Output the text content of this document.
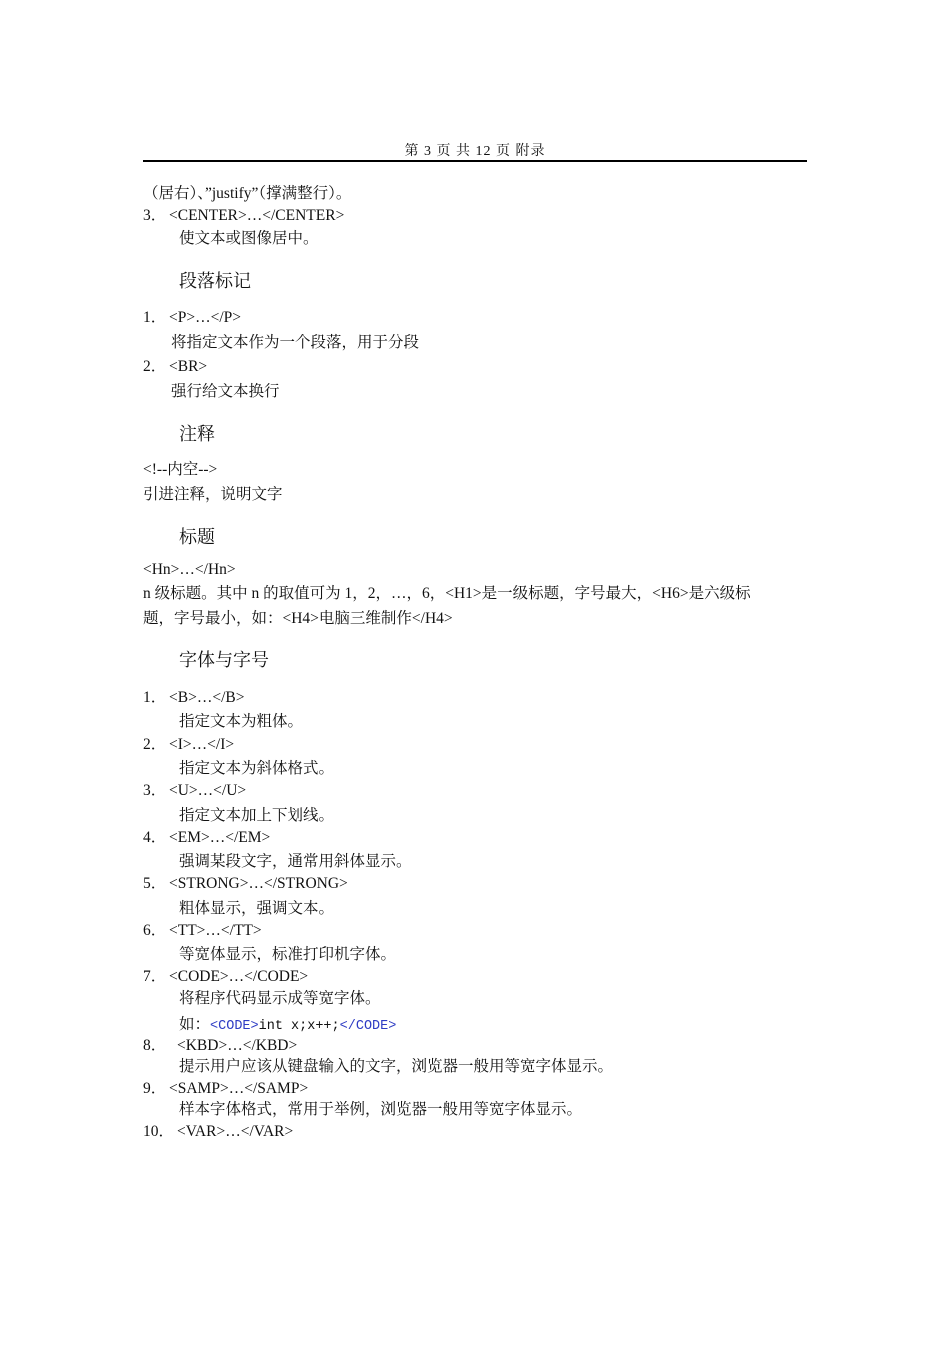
第 3 页 共 12 页 附录
（居右）、”justify”（撑满整行）。
3． <CENTER>…</CENTER>
使文本或图像居中。
段落标记
1． <P>…</P>
将指定文本作为一个段落，用于分段
2． <BR>
强行给文本换行
注释
<!--内空-->
引进注释，说明文字
标题
<Hn>…</Hn>
n 级标题。其中 n 的取值可为 1，2，…，6，<H1>是一级标题，字号最大，<H6>是六级标
题，字号最小，如：<H4>电脑三维制作</H4>
字体与字号
1． <B>…</B>
指定文本为粗体。
2． <I>…</I>
指定文本为斜体格式。
3． <U>…</U>
指定文本加上下划线。
4． <EM>…</EM>
强调某段文字，通常用斜体显示。
5． <STRONG>…</STRONG>
粗体显示，强调文本。
6． <TT>…</TT>
等宽体显示，标准打印机字体。
7． <CODE>…</CODE>
将程序代码显示成等宽字体。
如：<CODE>int x;x++;</CODE>
8． <KBD>…</KBD>
提示用户应该从键盘输入的文字，浏览器一般用等宽字体显示。
9． <SAMP>…</SAMP>
样本字体格式，常用于举例，浏览器一般用等宽字体显示。
10． <VAR>…</VAR>
